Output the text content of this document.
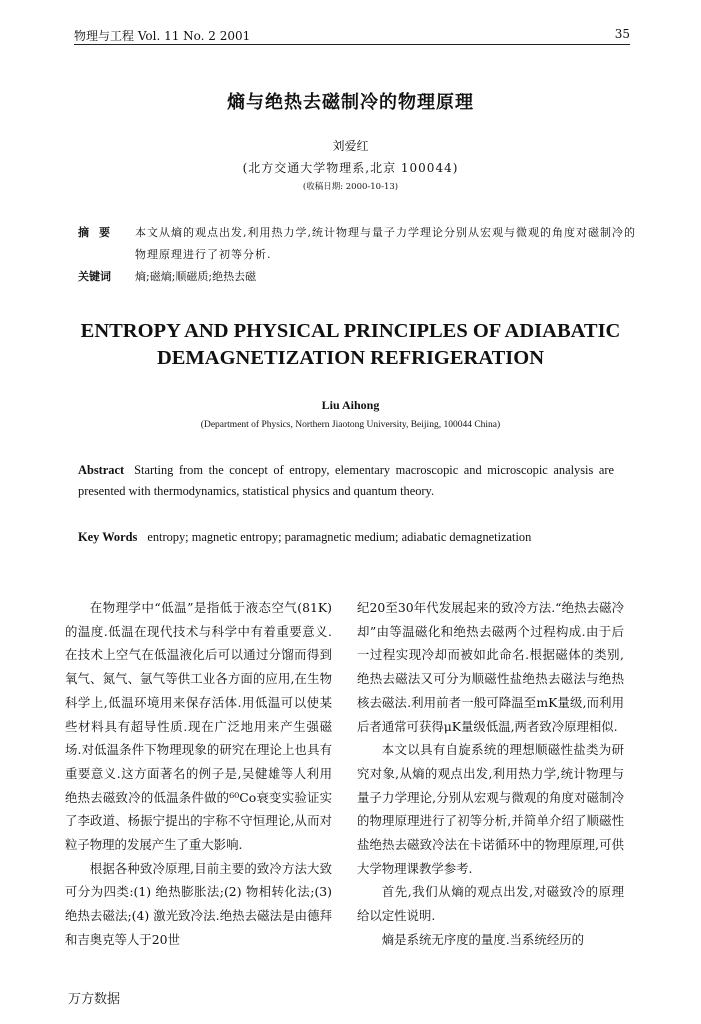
物理与工程 Vol. 11 No. 2 2001	35
熵与绝热去磁制冷的物理原理
刘爱红
(北方交通大学物理系,北京 100044)
(收稿日期: 2000-10-13)
摘要 本文从熵的观点出发,利用热力学,统计物理与量子力学理论分别从宏观与微观的角度对磁制冷的物理原理进行了初等分析.
关键词 熵;磁熵;顺磁质;绝热去磁
ENTROPY AND PHYSICAL PRINCIPLES OF ADIABATIC
DEMAGNETIZATION REFRIGERATION
Liu Aihong
(Department of Physics, Northern Jiaotong University, Beijing, 100044 China)
Abstract Starting from the concept of entropy, elementary macroscopic and microscopic analysis are presented with thermodynamics, statistical physics and quantum theory.
Key Words entropy; magnetic entropy; paramagnetic medium; adiabatic demagnetization

在物理学中“低温”是指低于液态空气(81K)的温度.低温在现代技术与科学中有着重要意义.在技术上空气在低温液化后可以通过分馏而得到氧气、氮气、氩气等供工业各方面的应用,在生物科学上,低温环境用来保存活体.用低温可以使某些材料具有超导性质.现在广泛地用来产生强磁场.对低温条件下物理现象的研究在理论上也具有重要意义.这方面著名的例子是,吴健雄等人利用绝热去磁致冷的低温条件做的⁶⁰Co衰变实验证实了李政道、杨振宁提出的宇称不守恒理论,从而对粒子物理的发展产生了重大影响.

根据各种致冷原理,目前主要的致冷方法大致可分为四类:(1) 绝热膨胀法;(2) 物相转化法;(3) 绝热去磁法;(4) 激光致冷法.绝热去磁法是由德拜和吉奥克等人于20世

纪20至30年代发展起来的致冷方法.“绝热去磁冷却”由等温磁化和绝热去磁两个过程构成.由于后一过程实现冷却而被如此命名.根据磁体的类别,绝热去磁法又可分为顺磁性盐绝热去磁法与绝热核去磁法.利用前者一般可降温至mK量级,而利用后者通常可获得μK量级低温,两者致冷原理相似.

本文以具有自旋系统的理想顺磁性盐类为研究对象,从熵的观点出发,利用热力学,统计物理与量子力学理论,分别从宏观与微观的角度对磁制冷的物理原理进行了初等分析,并简单介绍了顺磁性盐绝热去磁致冷法在卡诺循环中的物理原理,可供大学物理课教学参考.

首先,我们从熵的观点出发,对磁致冷的原理给以定性说明.

熵是系统无序度的量度.当系统经历的

万方数据
